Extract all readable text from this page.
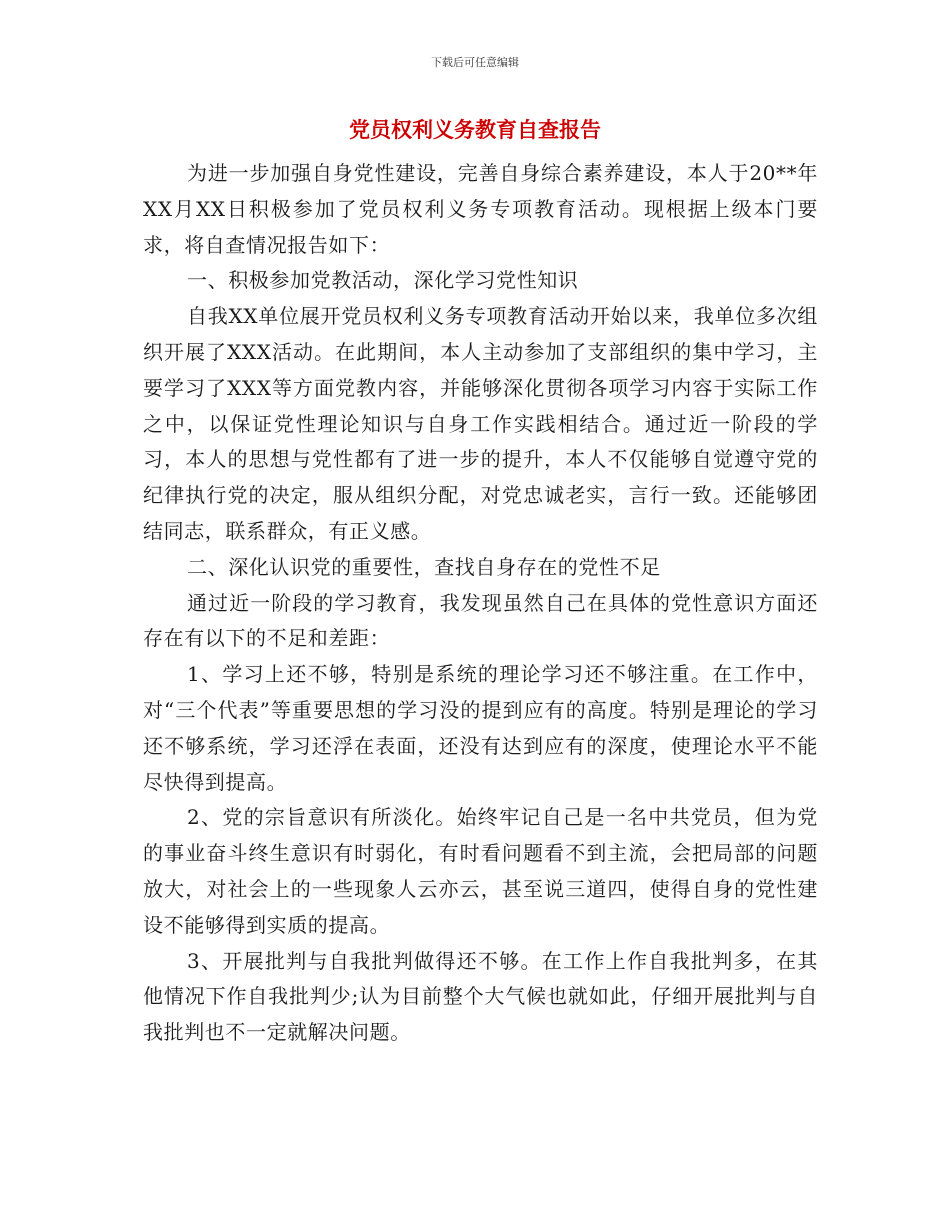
下载后可任意编辑
党员权利义务教育自查报告

为进一步加强自身党性建设，完善自身综合素养建设，本人于20**年XX月XX日积极参加了党员权利义务专项教育活动。现根据上级本门要求，将自查情况报告如下：

一、积极参加党教活动，深化学习党性知识

自我XX单位展开党员权利义务专项教育活动开始以来，我单位多次组织开展了XXX活动。在此期间，本人主动参加了支部组织的集中学习，主要学习了XXX等方面党教内容，并能够深化贯彻各项学习内容于实际工作之中，以保证党性理论知识与自身工作实践相结合。通过近一阶段的学习，本人的思想与党性都有了进一步的提升，本人不仅能够自觉遵守党的纪律执行党的决定，服从组织分配，对党忠诚老实，言行一致。还能够团结同志，联系群众，有正义感。

二、深化认识党的重要性，查找自身存在的党性不足

通过近一阶段的学习教育，我发现虽然自己在具体的党性意识方面还存在有以下的不足和差距：

1、学习上还不够，特别是系统的理论学习还不够注重。在工作中，对“三个代表”等重要思想的学习没的提到应有的高度。特别是理论的学习还不够系统，学习还浮在表面，还没有达到应有的深度，使理论水平不能尽快得到提高。

2、党的宗旨意识有所淡化。始终牢记自己是一名中共党员，但为党的事业奋斗终生意识有时弱化，有时看问题看不到主流，会把局部的问题放大，对社会上的一些现象人云亦云，甚至说三道四，使得自身的党性建设不能够得到实质的提高。

3、开展批判与自我批判做得还不够。在工作上作自我批判多，在其他情况下作自我批判少;认为目前整个大气候也就如此，仔细开展批判与自我批判也不一定就解决问题。
